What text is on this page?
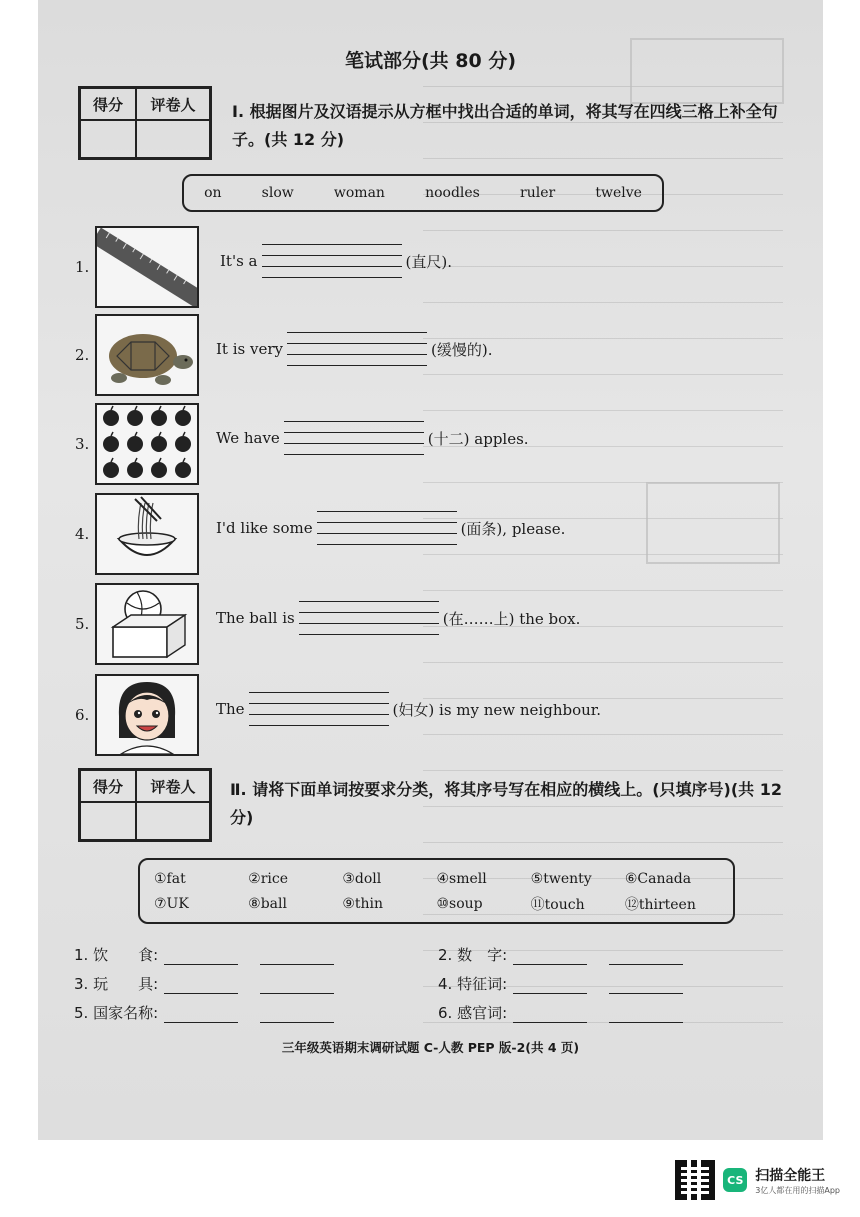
笔试部分(共 80 分)
得分	评卷人	Ⅰ. 根据图片及汉语提示从方框中找出合适的单词，将其写在四线三格上补全句子。(共 12 分)
on	slow	woman	noodles	ruler	twelve
1.	It's a	(直尺).
2.	It is very	(缓慢的).
3.	We have	(十二) apples.
4.	I'd like some	(面条), please.
5.	The ball is	(在……上) the box.
6.	The	(妇女) is my new neighbour.
得分	评卷人	Ⅱ. 请将下面单词按要求分类，将其序号写在相应的横线上。(只填序号)(共 12 分)
①fat	②rice	③doll	④smell	⑤twenty	⑥Canada
⑦UK	⑧ball	⑨thin	⑩soup	⑪touch	⑫thirteen
1. 饮　　食:	2. 数　字:
3. 玩　　具:	4. 特征词:
5. 国家名称:	6. 感官词:
三年级英语期末调研试题 C-人教 PEP 版-2(共 4 页)
CS 扫描全能王
3亿人都在用的扫描App
